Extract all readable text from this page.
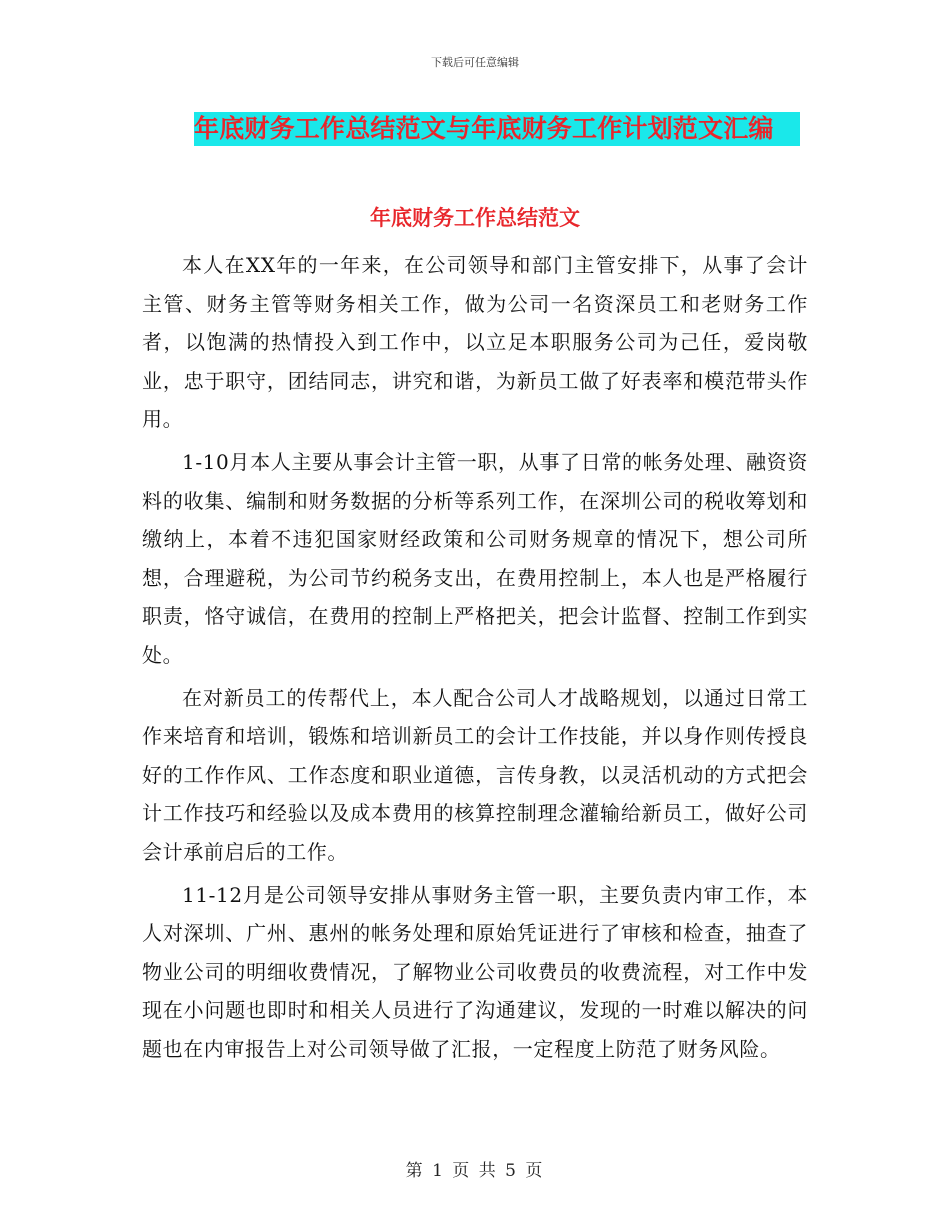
下载后可任意编辑
年底财务工作总结范文与年底财务工作计划范文汇编
年底财务工作总结范文

本人在XX年的一年来，在公司领导和部门主管安排下，从事了会计主管、财务主管等财务相关工作，做为公司一名资深员工和老财务工作者，以饱满的热情投入到工作中，以立足本职服务公司为己任，爱岗敬业，忠于职守，团结同志，讲究和谐，为新员工做了好表率和模范带头作用。

1-10月本人主要从事会计主管一职，从事了日常的帐务处理、融资资料的收集、编制和财务数据的分析等系列工作，在深圳公司的税收筹划和缴纳上，本着不违犯国家财经政策和公司财务规章的情况下，想公司所想，合理避税，为公司节约税务支出，在费用控制上，本人也是严格履行职责，恪守诚信，在费用的控制上严格把关，把会计监督、控制工作到实处。

在对新员工的传帮代上，本人配合公司人才战略规划，以通过日常工作来培育和培训，锻炼和培训新员工的会计工作技能，并以身作则传授良好的工作作风、工作态度和职业道德，言传身教，以灵活机动的方式把会计工作技巧和经验以及成本费用的核算控制理念灌输给新员工，做好公司会计承前启后的工作。

11-12月是公司领导安排从事财务主管一职，主要负责内审工作，本人对深圳、广州、惠州的帐务处理和原始凭证进行了审核和检查，抽查了物业公司的明细收费情况，了解物业公司收费员的收费流程，对工作中发现在小问题也即时和相关人员进行了沟通建议，发现的一时难以解决的问题也在内审报告上对公司领导做了汇报，一定程度上防范了财务风险。

第 1 页 共 5 页
